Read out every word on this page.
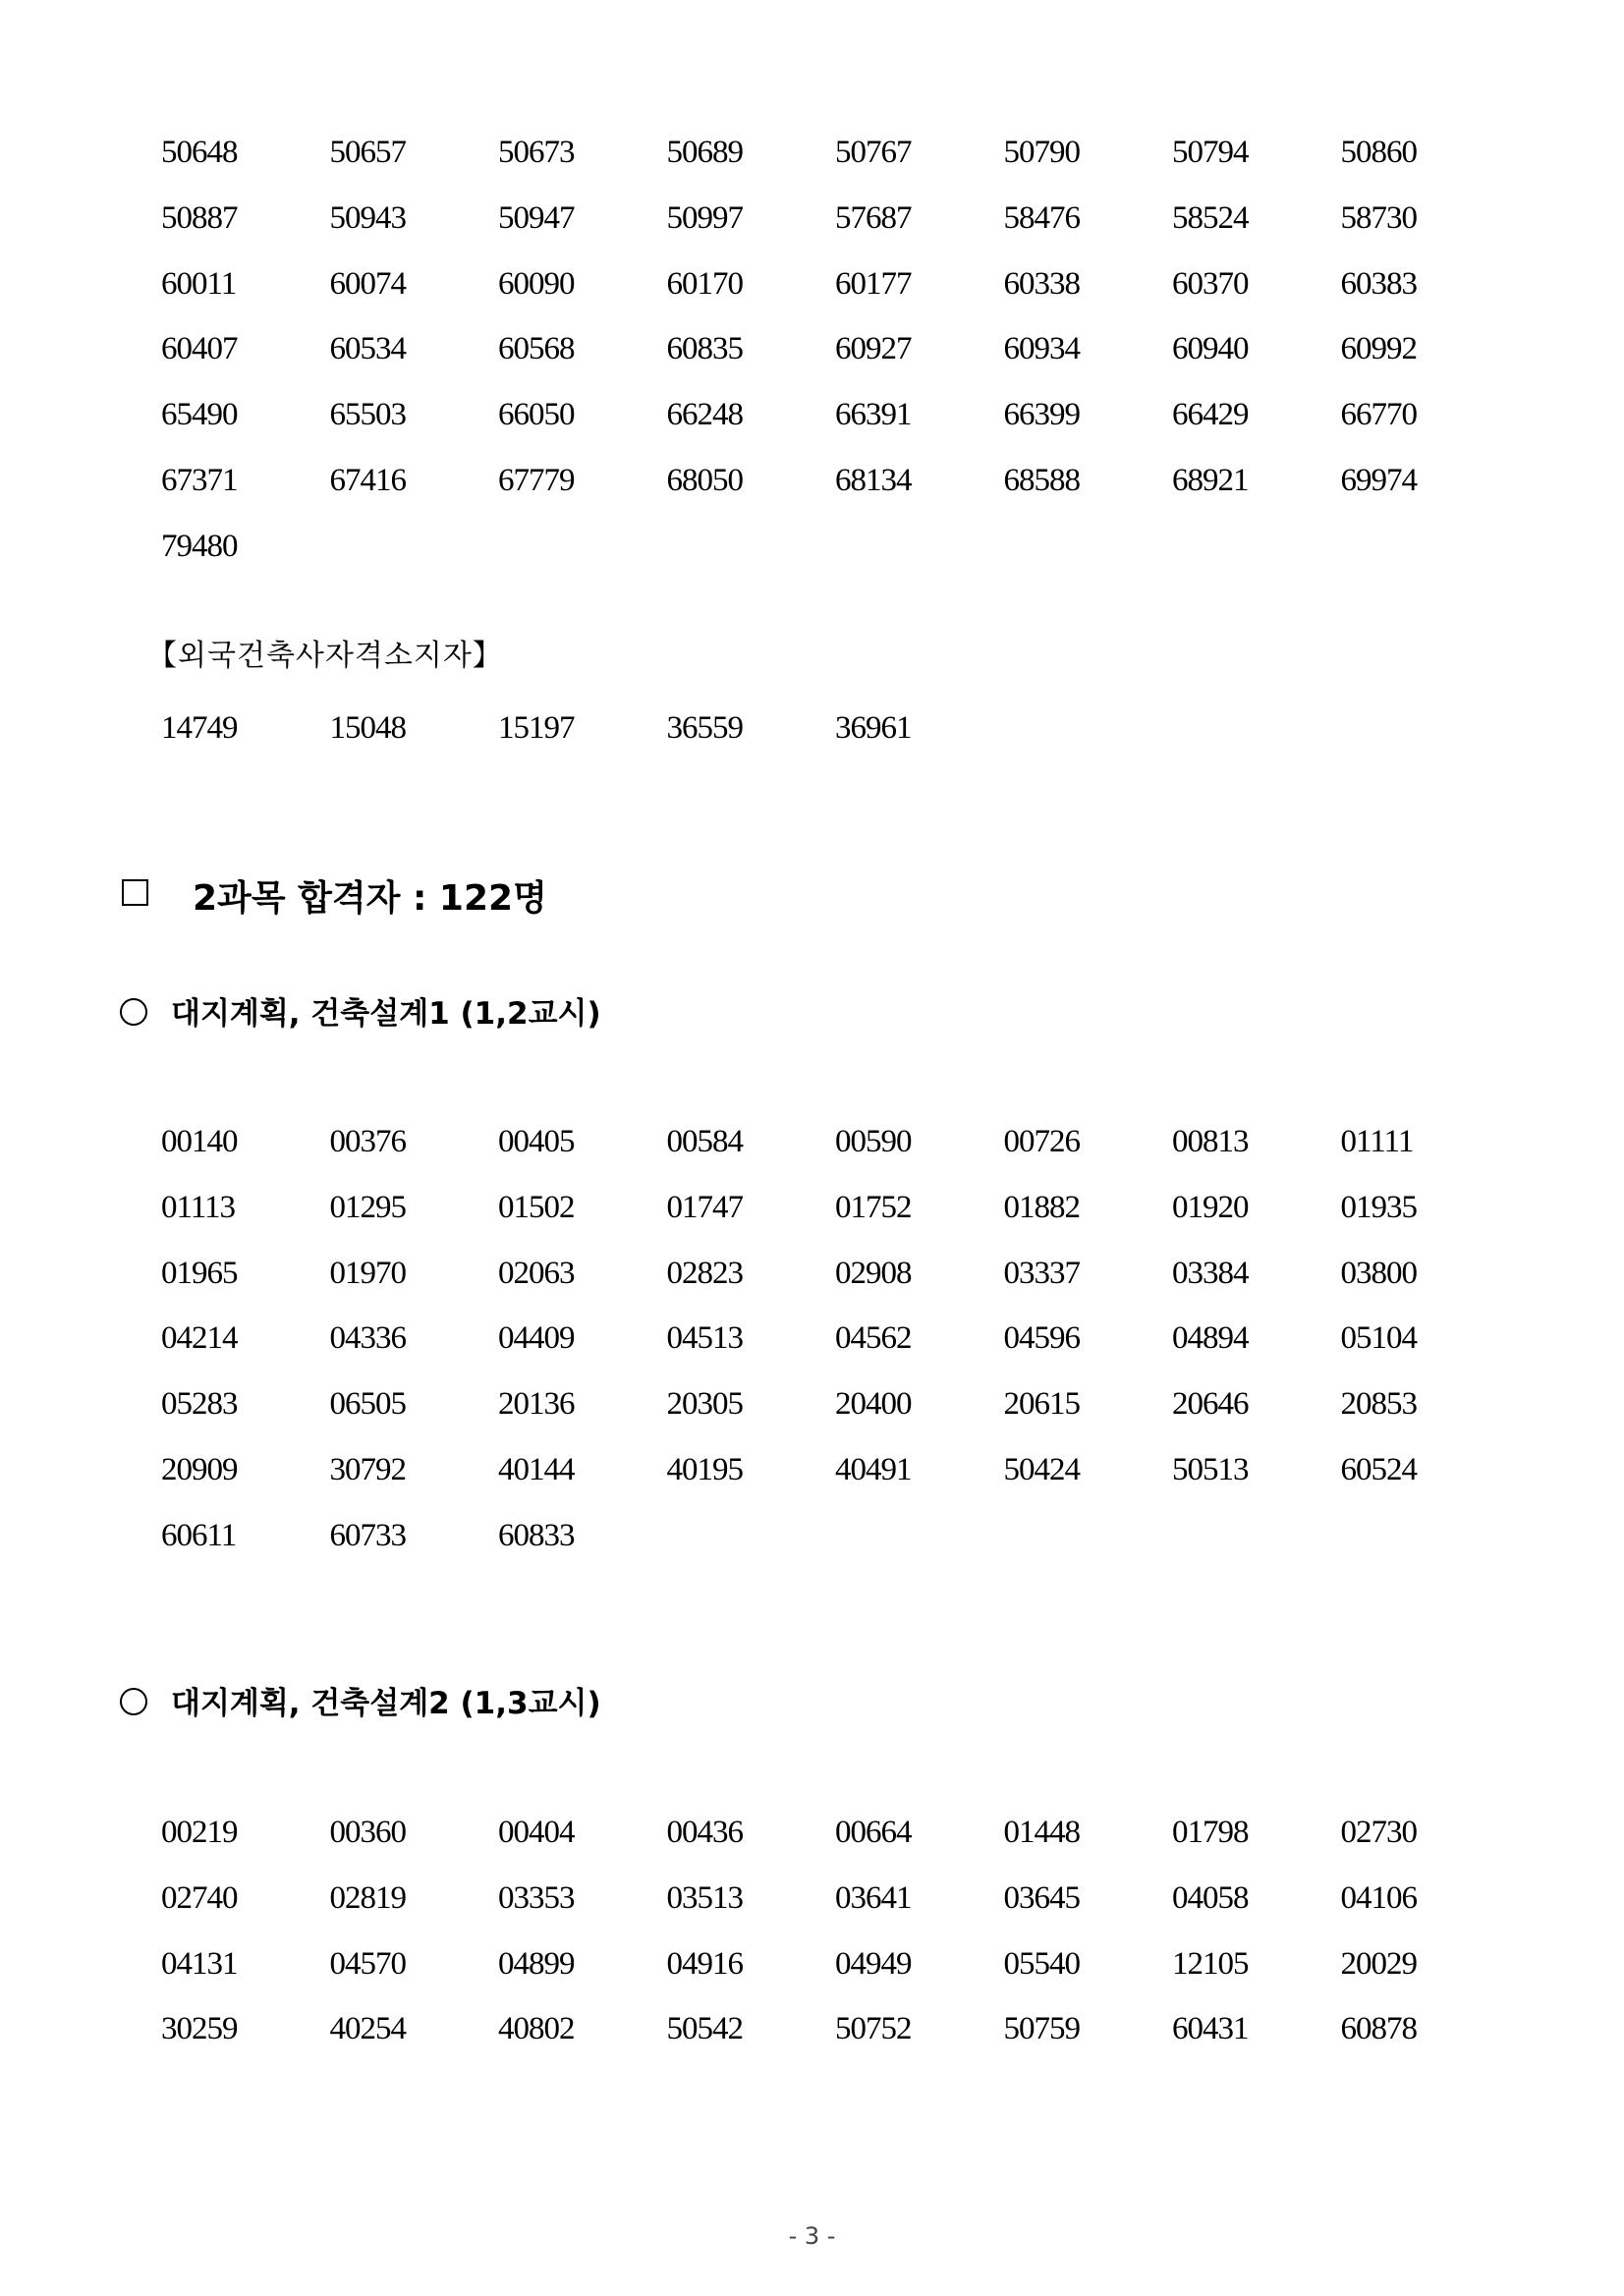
50648	50657	50673	50689	50767	50790	50794	50860
50887	50943	50947	50997	57687	58476	58524	58730
60011	60074	60090	60170	60177	60338	60370	60383
60407	60534	60568	60835	60927	60934	60940	60992
65490	65503	66050	66248	66391	66399	66429	66770
67371	67416	67779	68050	68134	68588	68921	69974
79480
【외국건축사자격소지자】
14749	15048	15197	36559	36961
2과목 합격자 : 122명
대지계획, 건축설계1 (1,2교시)
00140	00376	00405	00584	00590	00726	00813	01111
01113	01295	01502	01747	01752	01882	01920	01935
01965	01970	02063	02823	02908	03337	03384	03800
04214	04336	04409	04513	04562	04596	04894	05104
05283	06505	20136	20305	20400	20615	20646	20853
20909	30792	40144	40195	40491	50424	50513	60524
60611	60733	60833
대지계획, 건축설계2 (1,3교시)
00219	00360	00404	00436	00664	01448	01798	02730
02740	02819	03353	03513	03641	03645	04058	04106
04131	04570	04899	04916	04949	05540	12105	20029
30259	40254	40802	50542	50752	50759	60431	60878
- 3 -
